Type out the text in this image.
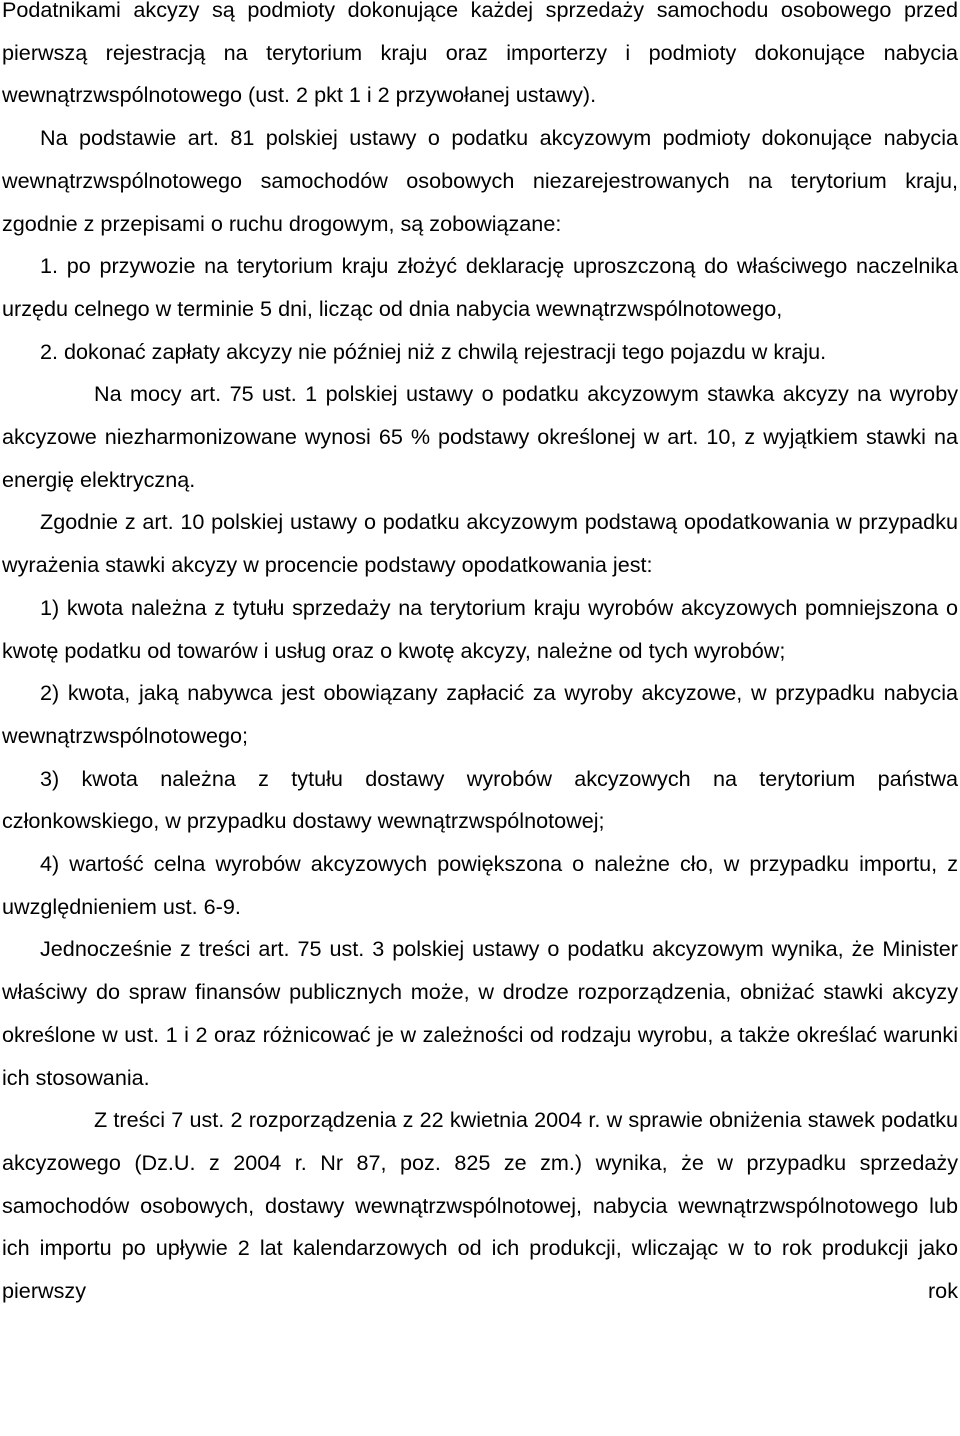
Podatnikami akcyzy są podmioty dokonujące każdej sprzedaży samochodu osobowego przed pierwszą rejestracją na terytorium kraju oraz importerzy i podmioty dokonujące nabycia wewnątrzwspólnotowego (ust. 2 pkt 1 i 2 przywołanej ustawy).

Na podstawie art. 81 polskiej ustawy o podatku akcyzowym podmioty dokonujące nabycia wewnątrzwspólnotowego samochodów osobowych niezarejestrowanych na terytorium kraju, zgodnie z przepisami o ruchu drogowym, są zobowiązane:

1. po przywozie na terytorium kraju złożyć deklarację uproszczoną do właściwego naczelnika urzędu celnego w terminie 5 dni, licząc od dnia nabycia wewnątrzwspólnotowego,

2. dokonać zapłaty akcyzy nie później niż z chwilą rejestracji tego pojazdu w kraju.

Na mocy art. 75 ust. 1 polskiej ustawy o podatku akcyzowym stawka akcyzy na wyroby akcyzowe niezharmonizowane wynosi 65 % podstawy określonej w art. 10, z wyjątkiem stawki na energię elektryczną.

Zgodnie z art. 10 polskiej ustawy o podatku akcyzowym podstawą opodatkowania w przypadku wyrażenia stawki akcyzy w procencie podstawy opodatkowania jest:

1) kwota należna z tytułu sprzedaży na terytorium kraju wyrobów akcyzowych pomniejszona o kwotę podatku od towarów i usług oraz o kwotę akcyzy, należne od tych wyrobów;

2) kwota, jaką nabywca jest obowiązany zapłacić za wyroby akcyzowe, w przypadku nabycia wewnątrzwspólnotowego;

3) kwota należna z tytułu dostawy wyrobów akcyzowych na terytorium państwa członkowskiego, w przypadku dostawy wewnątrzwspólnotowej;

4) wartość celna wyrobów akcyzowych powiększona o należne cło, w przypadku importu, z uwzględnieniem ust. 6-9.

Jednocześnie z treści art. 75 ust. 3 polskiej ustawy o podatku akcyzowym wynika, że Minister właściwy do spraw finansów publicznych może, w drodze rozporządzenia, obniżać stawki akcyzy określone w ust. 1 i 2 oraz różnicować je w zależności od rodzaju wyrobu, a także określać warunki ich stosowania.

Z treści 7 ust. 2 rozporządzenia z 22 kwietnia 2004 r. w sprawie obniżenia stawek podatku akcyzowego (Dz.U. z 2004 r. Nr 87, poz. 825 ze zm.) wynika, że w przypadku sprzedaży samochodów osobowych, dostawy wewnątrzwspólnotowej, nabycia wewnątrzwspólnotowego lub ich importu po upływie 2 lat kalendarzowych od ich produkcji, wliczając w to rok produkcji jako pierwszy rok
